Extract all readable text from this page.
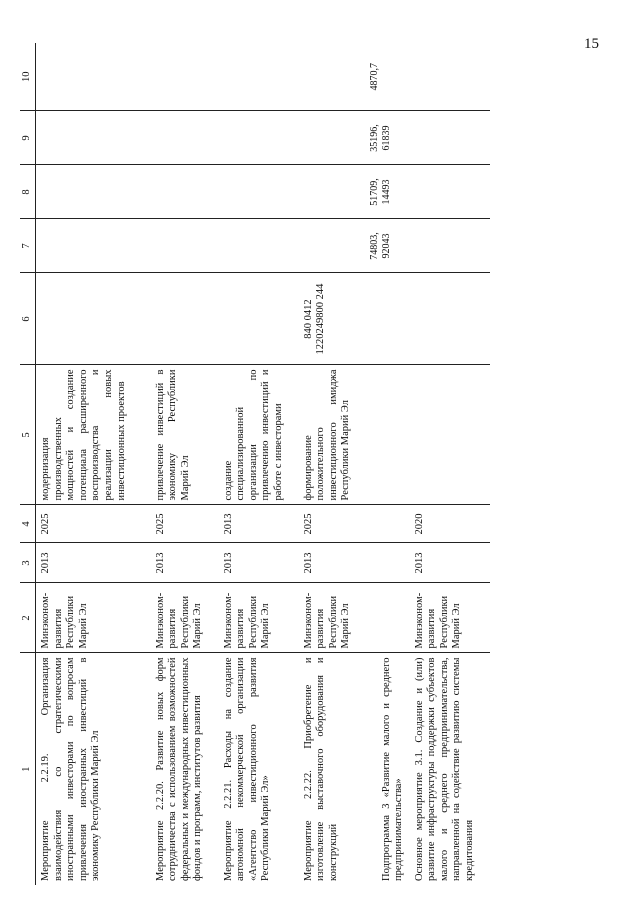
15
1	2	3	4	5	6	7	8	9	10
Мероприятие 2.2.19. Организация взаимодействия со стратегическими иностранными инвесторами по вопросам привлечения иностранных инвестиций в экономику Республики Марий Эл	Минэконом-развития Республики Марий Эл	2013	2025	модернизация производственных мощностей и создание потенциала расширенного воспроизводства и реализации новых инвестиционных проектов					
Мероприятие 2.2.20. Развитие новых форм сотрудничества с использованием возможностей федеральных и международных инвестиционных фондов и программ, институтов развития	Минэконом-развития Республики Марий Эл	2013	2025	привлечение инвестиций в экономику Республики Марий Эл					
Мероприятие 2.2.21. Расходы на создание автономной некоммерческой организации «Агентство инвестиционного развития Республики Марий Эл»	Минэконом-развития Республики Марий Эл	2013	2013	создание специализированной организации по привлечению инвестиций и работе с инвесторами					
Мероприятие 2.2.22. Приобретение и изготовление выставочного оборудования и конструкций	Минэконом-развития Республики Марий Эл	2013	2025	формирование положительного инвестиционного имиджа Республики Марий Эл	840 0412 1220249800 244				
Подпрограмма 3 «Развитие малого и среднего предпринимательства»						74803, 92043	51709, 14493	35196, 61839	4870,7
Основное мероприятие 3.1. Создание и (или) развитие инфраструктуры поддержки субъектов малого и среднего предпринимательства, направленной на содействие развитию системы кредитования	Минэконом-развития Республики Марий Эл	2013	2020						
